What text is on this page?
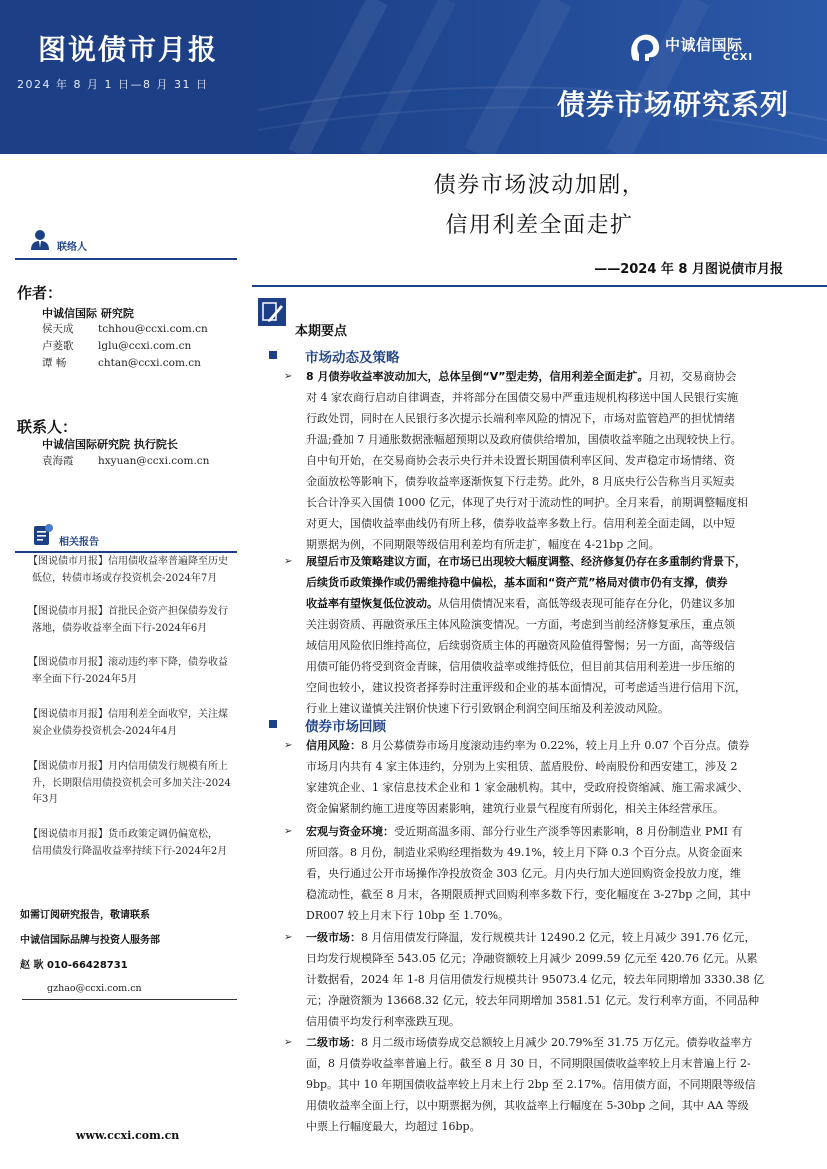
图说债市月报
2024 年 8 月 1 日—8 月 31 日
中诚信国际
CCXI
债券市场研究系列
联络人
作者：
中诚信国际 研究院
侯天成 tchhou@ccxi.com.cn
卢菱歌 lglu@ccxi.com.cn
谭 畅	chtan@ccxi.com.cn
联系人：
中诚信国际研究院 执行院长
袁海霞 hxyuan@ccxi.com.cn
相关报告
【图说债市月报】信用债收益率普遍降至历史
低位，转债市场或存投资机会-2024年7月
【图说债市月报】首批民企资产担保债券发行
落地，债券收益率全面下行-2024年6月
【图说债市月报】滚动违约率下降，债券收益
率全面下行-2024年5月
【图说债市月报】信用利差全面收窄，关注煤
炭企业债券投资机会-2024年4月
【图说债市月报】月内信用债发行规模有所上
升，长期限信用债投资机会可多加关注-2024
年3月
【图说债市月报】货币政策定调仍偏宽松，
信用债发行降温收益率持续下行-2024年2月
如需订阅研究报告，敬请联系
中诚信国际品牌与投资人服务部
赵 耿 010-66428731
gzhao@ccxi.com.cn
www.ccxi.com.cn
债券市场波动加剧，
信用利差全面走扩
——2024 年 8 月图说债市月报
本期要点
市场动态及策略
➢ 8 月债券收益率波动加大，总体呈倒“V”型走势，信用利差全面走扩。月初，交易商协会
对 4 家农商行启动自律调查，并将部分在国债交易中严重违规机构移送中国人民银行实施
行政处罚，同时在人民银行多次提示长端利率风险的情况下，市场对监管趋严的担忧情绪
升温;叠加 7 月通胀数据涨幅超预期以及政府债供给增加，国债收益率随之出现较快上行。
自中旬开始，在交易商协会表示央行并未设置长期国债利率区间、发声稳定市场情绪、资
金面放松等影响下，债券收益率逐渐恢复下行走势。此外，8 月底央行公告称当月买短卖
长合计净买入国债 1000 亿元，体现了央行对于流动性的呵护。全月来看，前期调整幅度相
对更大，国债收益率曲线仍有所上移，债券收益率多数上行。信用利差全面走阔，以中短
期票据为例，不同期限等级信用利差均有所走扩，幅度在 4-21bp 之间。
➢ 展望后市及策略建议方面，在市场已出现较大幅度调整、经济修复仍存在多重制约背景下，
后续货币政策操作或仍需维持稳中偏松，基本面和“资产荒”格局对债市仍有支撑，债券
收益率有望恢复低位波动。从信用债情况来看，高低等级表现可能存在分化，仍建议多加
关注弱资质、再融资承压主体风险演变情况。一方面，考虑到当前经济修复承压，重点领
域信用风险依旧维持高位，后续弱资质主体的再融资风险值得警惕；另一方面，高等级信
用债可能仍将受到资金青睐，信用债收益率或维持低位，但目前其信用利差进一步压缩的
空间也较小，建议投资者择券时注重评级和企业的基本面情况，可考虑适当进行信用下沉，
行业上建议谨慎关注钢价快速下行引致钢企利润空间压缩及利差波动风险。
债券市场回顾
➢ 信用风险：8 月公募债券市场月度滚动违约率为 0.22%，较上月上升 0.07 个百分点。债券
市场月内共有 4 家主体违约，分别为上实租赁、蓝盾股份、岭南股份和西安建工，涉及 2
家建筑企业、1 家信息技术企业和 1 家金融机构。其中，受政府投资缩减、施工需求减少、
资金偏紧制约施工进度等因素影响，建筑行业景气程度有所弱化，相关主体经营承压。
➢ 宏观与资金环境：受近期高温多雨、部分行业生产淡季等因素影响，8 月份制造业 PMI 有
所回落。8 月份，制造业采购经理指数为 49.1%，较上月下降 0.3 个百分点。从资金面来
看，央行通过公开市场操作净投放资金 303 亿元。月内央行加大逆回购资金投放力度，维
稳流动性，截至 8 月末，各期限质押式回购利率多数下行，变化幅度在 3-27bp 之间，其中
DR007 较上月末下行 10bp 至 1.70%。
➢ 一级市场：8 月信用债发行降温，发行规模共计 12490.2 亿元，较上月减少 391.76 亿元，
日均发行规模降至 543.05 亿元；净融资额较上月减少 2099.59 亿元至 420.76 亿元。从累
计数据看，2024 年 1-8 月信用债发行规模共计 95073.4 亿元，较去年同期增加 3330.38 亿
元；净融资额为 13668.32 亿元，较去年同期增加 3581.51 亿元。发行利率方面，不同品种
信用债平均发行利率涨跌互现。
➢ 二级市场：8 月二级市场债券成交总额较上月减少 20.79%至 31.75 万亿元。债券收益率方
面，8 月债券收益率普遍上行。截至 8 月 30 日，不同期限国债收益率较上月末普遍上行 2-
9bp。其中 10 年期国债收益率较上月末上行 2bp 至 2.17%。信用债方面，不同期限等级信
用债收益率全面上行，以中期票据为例，其收益率上行幅度在 5-30bp 之间，其中 AA 等级
中票上行幅度最大，均超过 16bp。
